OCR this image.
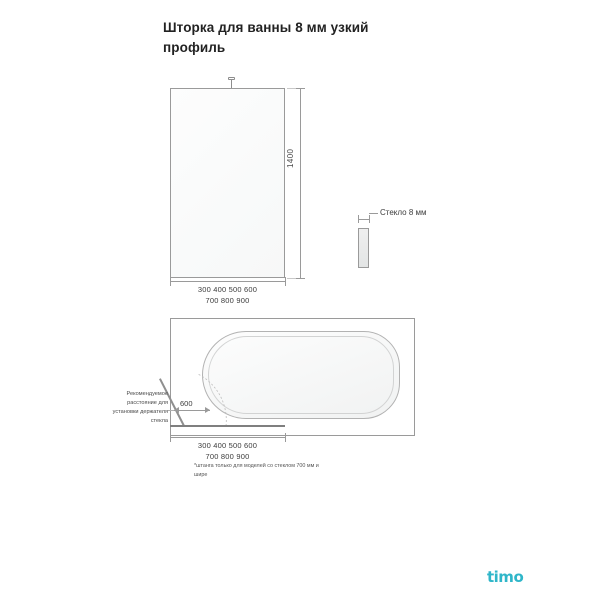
Шторка для ванны 8 мм узкий профиль
1400
300 400 500 600
700 800 900
Стекло 8 мм
Рекомендуемое расстояние для установки держателя стекла
600
300 400 500 600
700 800 900
*штанга только для моделей со стеклом 700 мм и шире
timo
